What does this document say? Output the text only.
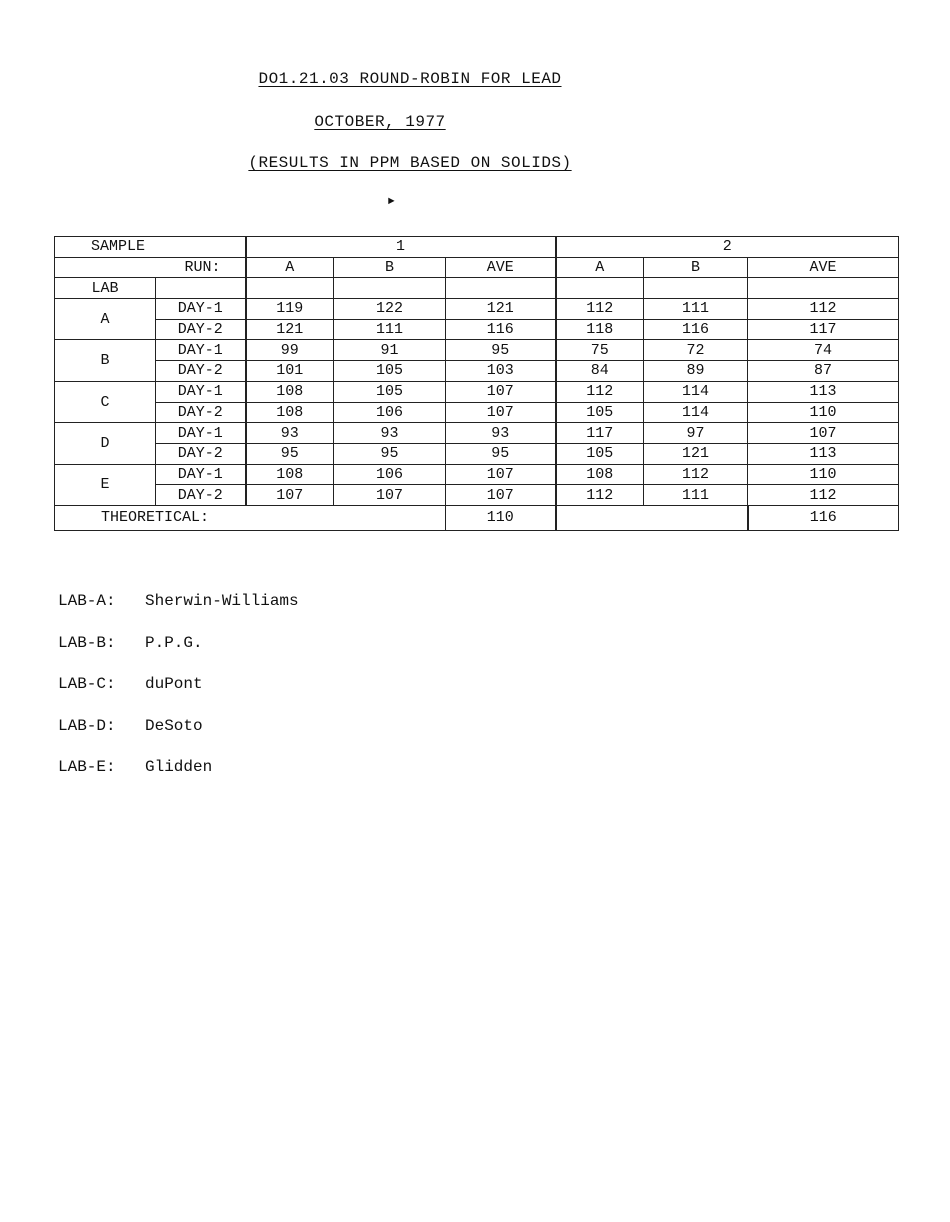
DO1.21.03 ROUND-ROBIN FOR LEAD
OCTOBER, 1977
(RESULTS IN PPM BASED ON SOLIDS)
►
SAMPLE		1			2		
RUN:		A	B	AVE	A	B	AVE
LAB							
A	DAY-1	119	122	121	112	111	112
	DAY-2	121	111	116	118	116	117
B	DAY-1	99	91	95	75	72	74
	DAY-2	101	105	103	84	89	87
C	DAY-1	108	105	107	112	114	113
	DAY-2	108	106	107	105	114	110
D	DAY-1	93	93	93	117	97	107
	DAY-2	95	95	95	105	121	113
E	DAY-1	108	106	107	108	112	110
	DAY-2	107	107	107	112	111	112
THEORETICAL:				110			116
LAB-A:	Sherwin-Williams
LAB-B:	P.P.G.
LAB-C:	duPont
LAB-D:	DeSoto
LAB-E:	Glidden
